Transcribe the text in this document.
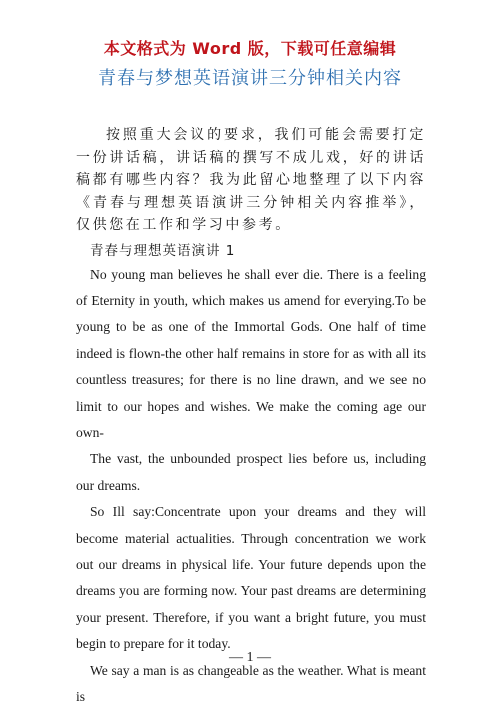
本文格式为 Word 版，下载可任意编辑
青春与梦想英语演讲三分钟相关内容

按照重大会议的要求，我们可能会需要打定一份讲话稿，讲话稿的撰写不成儿戏，好的讲话稿都有哪些内容？我为此留心地整理了以下内容《青春与理想英语演讲三分钟相关内容推举》，仅供您在工作和学习中参考。

青春与理想英语演讲 1

No young man believes he shall ever die. There is a feeling of Eternity in youth, which makes us amend for everying.To be young to be as one of the Immortal Gods. One half of time indeed is flown-the other half remains in store for as with all its countless treasures; for there is no line drawn, and we see no limit to our hopes and wishes. We make the coming age our own-

The vast, the unbounded prospect lies before us, including our dreams.

So Ill say:Concentrate upon your dreams and they will become material actualities. Through concentration we work out our dreams in physical life. Your future depends upon the dreams you are forming now. Your past dreams are determining your present. Therefore, if you want a bright future, you must begin to prepare for it today.

We say a man is as changeable as the weather. What is meant is

— 1 —
